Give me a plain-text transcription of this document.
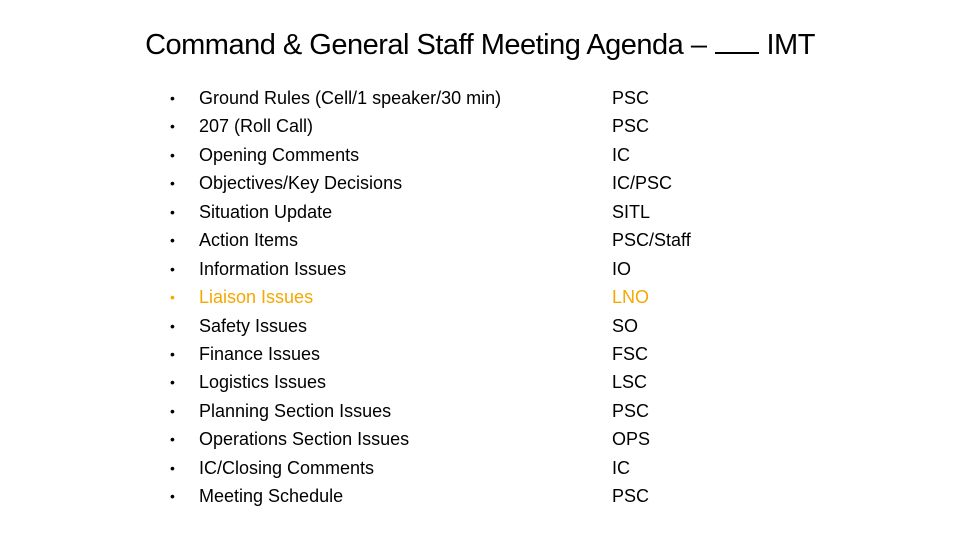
Command & General Staff Meeting Agenda – IMT
•	Ground Rules (Cell/1 speaker/30 min)	PSC
•	207 (Roll Call)	PSC
•	Opening Comments	IC
•	Objectives/Key Decisions	IC/PSC
•	Situation Update	SITL
•	Action Items	PSC/Staff
•	Information Issues	IO
•	Liaison Issues	LNO
•	Safety Issues	SO
•	Finance Issues	FSC
•	Logistics Issues	LSC
•	Planning Section Issues	PSC
•	Operations Section Issues	OPS
•	IC/Closing Comments	IC
•	Meeting Schedule	PSC
